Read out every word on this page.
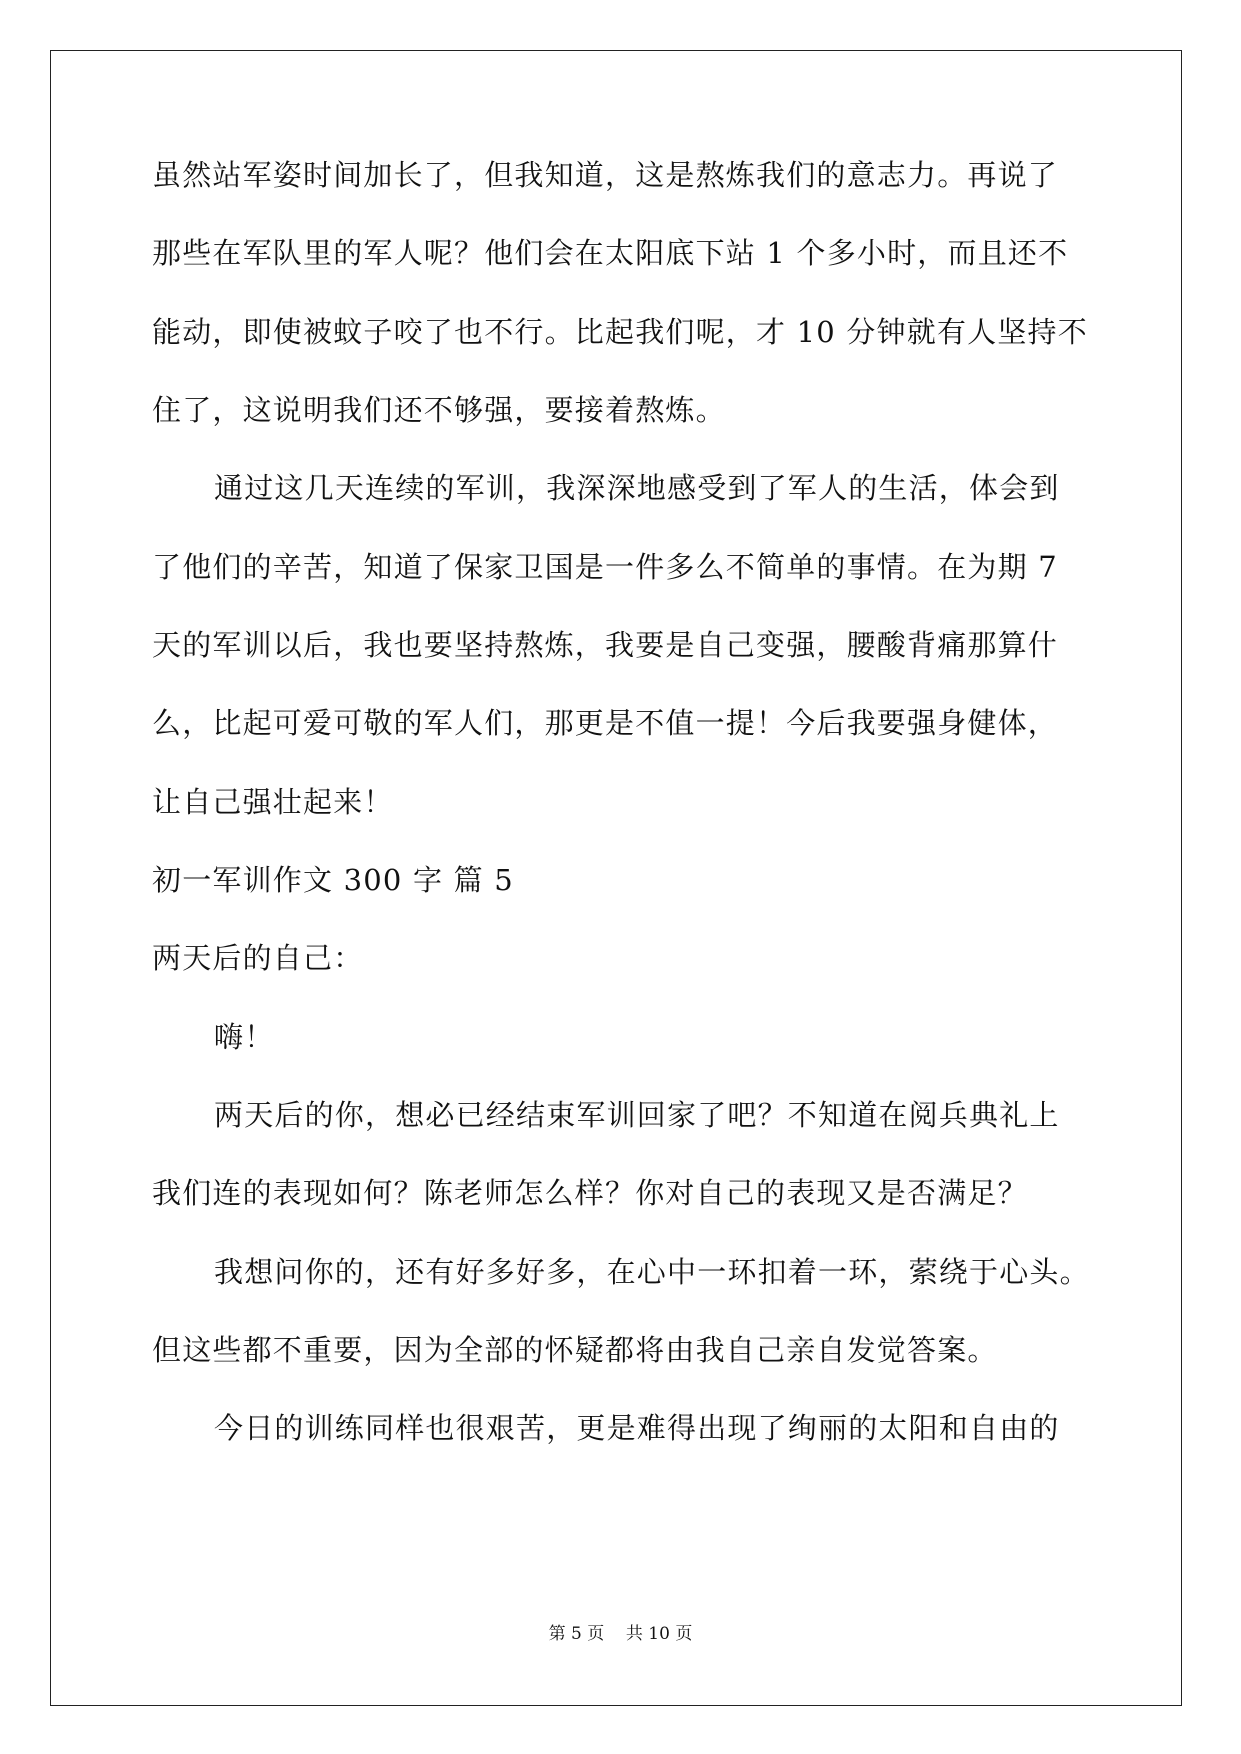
虽然站军姿时间加长了，但我知道，这是熬炼我们的意志力。再说了
那些在军队里的军人呢？他们会在太阳底下站 1 个多小时，而且还不
能动，即使被蚊子咬了也不行。比起我们呢，才 10 分钟就有人坚持不
住了，这说明我们还不够强，要接着熬炼。
通过这几天连续的军训，我深深地感受到了军人的生活，体会到
了他们的辛苦，知道了保家卫国是一件多么不简单的事情。在为期 7
天的军训以后，我也要坚持熬炼，我要是自己变强，腰酸背痛那算什
么，比起可爱可敬的军人们，那更是不值一提！今后我要强身健体，
让自己强壮起来！
初一军训作文 300 字 篇 5
两天后的自己：
嗨！
两天后的你，想必已经结束军训回家了吧？不知道在阅兵典礼上
我们连的表现如何？陈老师怎么样？你对自己的表现又是否满足？
我想问你的，还有好多好多，在心中一环扣着一环，萦绕于心头。
但这些都不重要，因为全部的怀疑都将由我自己亲自发觉答案。
今日的训练同样也很艰苦，更是难得出现了绚丽的太阳和自由的
第 5 页    共 10 页
